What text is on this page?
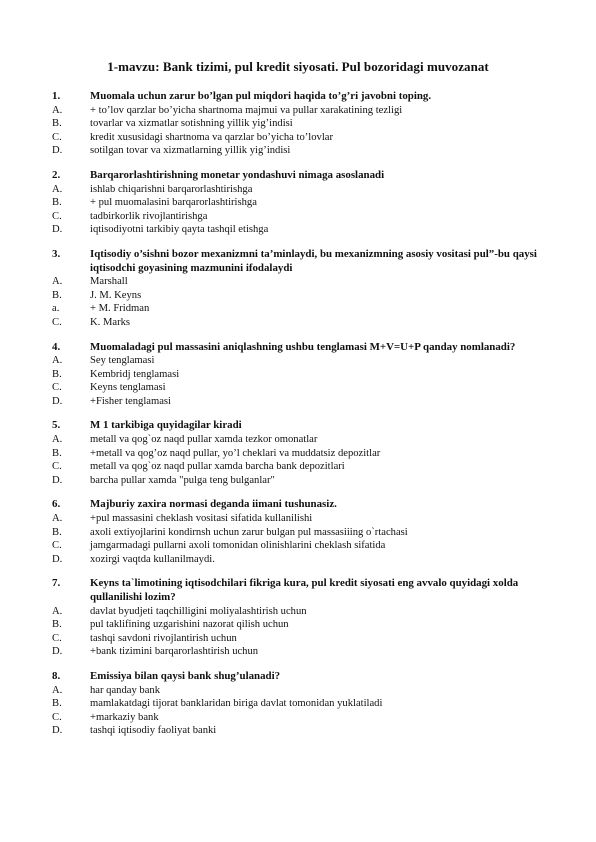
1-mavzu: Bank tizimi, pul kredit siyosati. Pul bozoridagi muvozanat
1.	Muomala uchun zarur bo’lgan pul miqdori haqida to’g’ri javobni toping.
A.	+ to’lov qarzlar bo’yicha shartnoma majmui va pullar xarakatining tezligi
B.	tovarlar va xizmatlar sotishning yillik yig’indisi
C.	kredit xususidagi shartnoma va qarzlar bo’yicha to’lovlar
D.	sotilgan tovar va xizmatlarning yillik yig’indisi
2.	Barqarorlashtirishning monetar yondashuvi nimaga asoslanadi
A.	ishlab chiqarishni barqarorlashtirishga
B.	+ pul muomalasini barqarorlashtirishga
C.	tadbirkorlik rivojlantirishga
D.	iqtisodiyotni tarkibiy qayta tashqil etishga
3.	Iqtisodiy o’sishni bozor mexanizmni ta’minlaydi, bu mexanizmning asosiy vositasi pul”-bu qaysi iqtisodchi goyasining mazmunini ifodalaydi
A.	Marshall
B.	J. M. Keyns
a.	+ M. Fridman
C.	K. Marks
4.	Muomaladagi pul massasini aniqlashning ushbu tenglamasi M+V=U+P qanday nomlanadi?
A.	Sey tenglamasi
B.	Kembridj tenglamasi
C.	Keyns tenglamasi
D.	+Fisher tenglamasi
5.	M 1 tarkibiga quyidagilar kiradi
A.	metall va qog`oz naqd pullar xamda tezkor omonatlar
B.	+metall va qog’oz naqd pullar, yo’l cheklari va muddatsiz depozitlar
C.	metall va qog`oz naqd pullar xamda barcha bank depozitlari
D.	barcha pullar xamda "pulga teng bulganlar"
6.	Majburiy zaxira normasi deganda iimani tushunasiz.
A.	+pul massasini cheklash vositasi sifatida kullanilishi
B.	axoli extiyojlarini kondirnsh uchun zarur bulgan pul massasiiing o`rtachasi
C.	jamgarmadagi pullarni axoli tomonidan olinishlarini cheklash sifatida
D.	xozirgi vaqtda kullanilmaydi.
7.	Keyns ta`limotining iqtisodchilari fikriga kura, pul kredit siyosati eng avvalo quyidagi xolda qullanilishi lozim?
A.	davlat byudjeti taqchilligini moliyalashtirish uchun
B.	pul taklifining uzgarishini nazorat qilish uchun
C.	tashqi savdoni rivojlantirish uchun
D.	+bank tizimini barqarorlashtirish uchun
8.	Emissiya bilan qaysi bank shug’ulanadi?
A.	har qanday bank
B.	mamlakatdagi tijorat banklaridan biriga davlat tomonidan yuklatiladi
C.	+markaziy bank
D.	tashqi iqtisodiy faoliyat banki
